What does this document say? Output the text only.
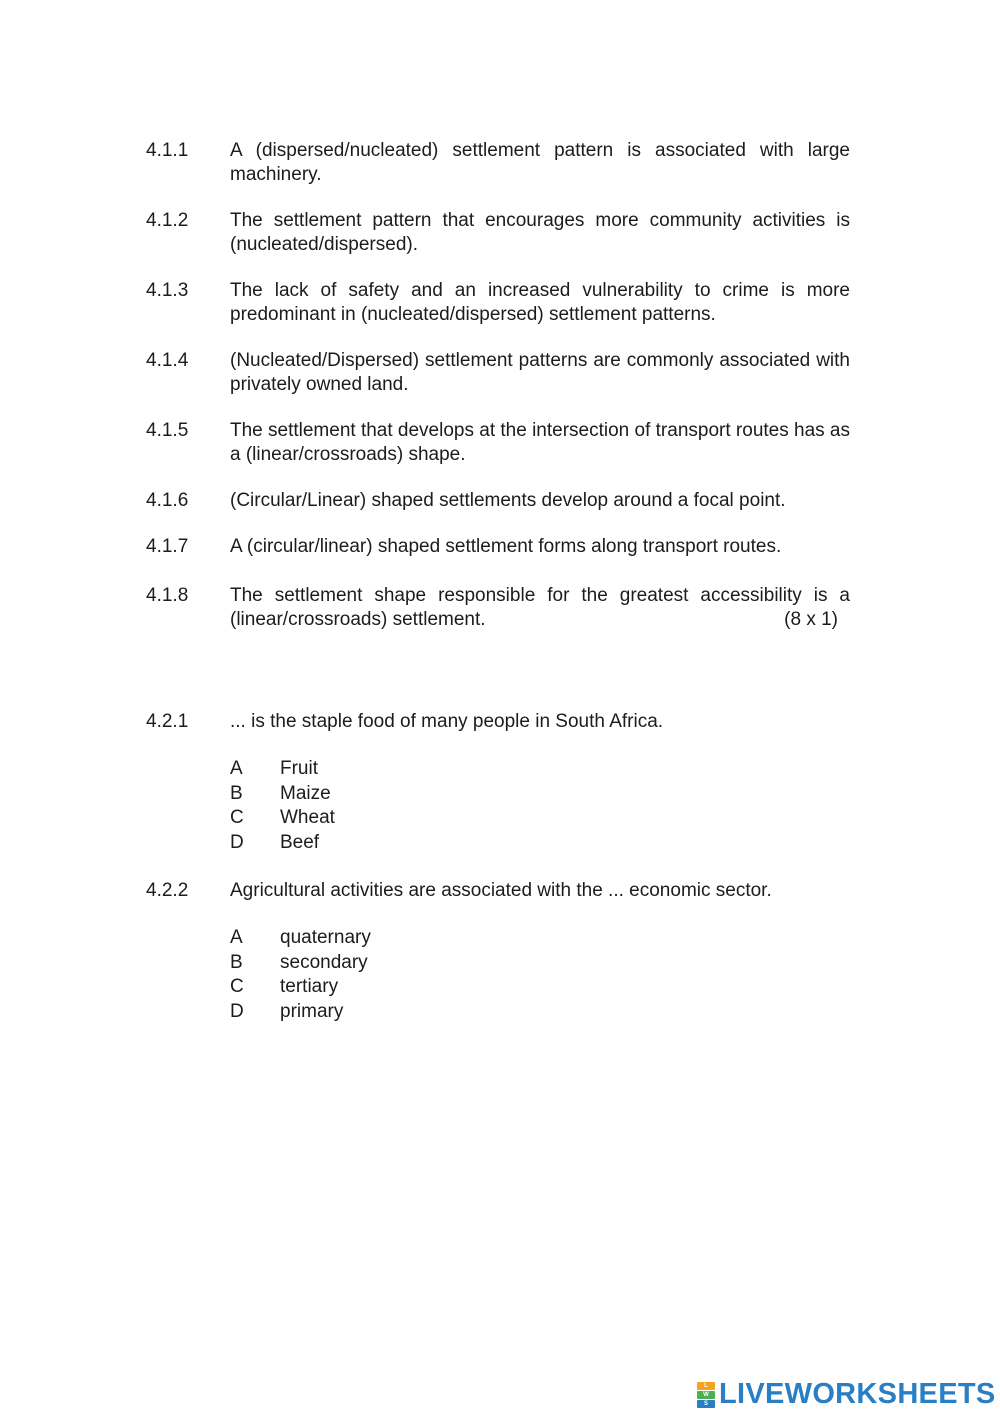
4.1.1	A (dispersed/nucleated) settlement pattern is associated with large machinery.
4.1.2	The settlement pattern that encourages more community activities is (nucleated/dispersed).
4.1.3	The lack of safety and an increased vulnerability to crime is more predominant in (nucleated/dispersed) settlement patterns.
4.1.4	(Nucleated/Dispersed) settlement patterns are commonly associated with privately owned land.
4.1.5	The settlement that develops at the intersection of transport routes has as a (linear/crossroads) shape.
4.1.6	(Circular/Linear) shaped settlements develop around a focal point.
4.1.7	A (circular/linear) shaped settlement forms along transport routes.
4.1.8	The settlement shape responsible for the greatest accessibility is a (linear/crossroads) settlement.	(8 x 1)
4.2.1	... is the staple food of many people in South Africa.
A	Fruit
B	Maize
C	Wheat
D	Beef
4.2.2	Agricultural activities are associated with the ... economic sector.
A	quaternary
B	secondary
C	tertiary
D	primary
L
W
S LIVEWORKSHEETS
